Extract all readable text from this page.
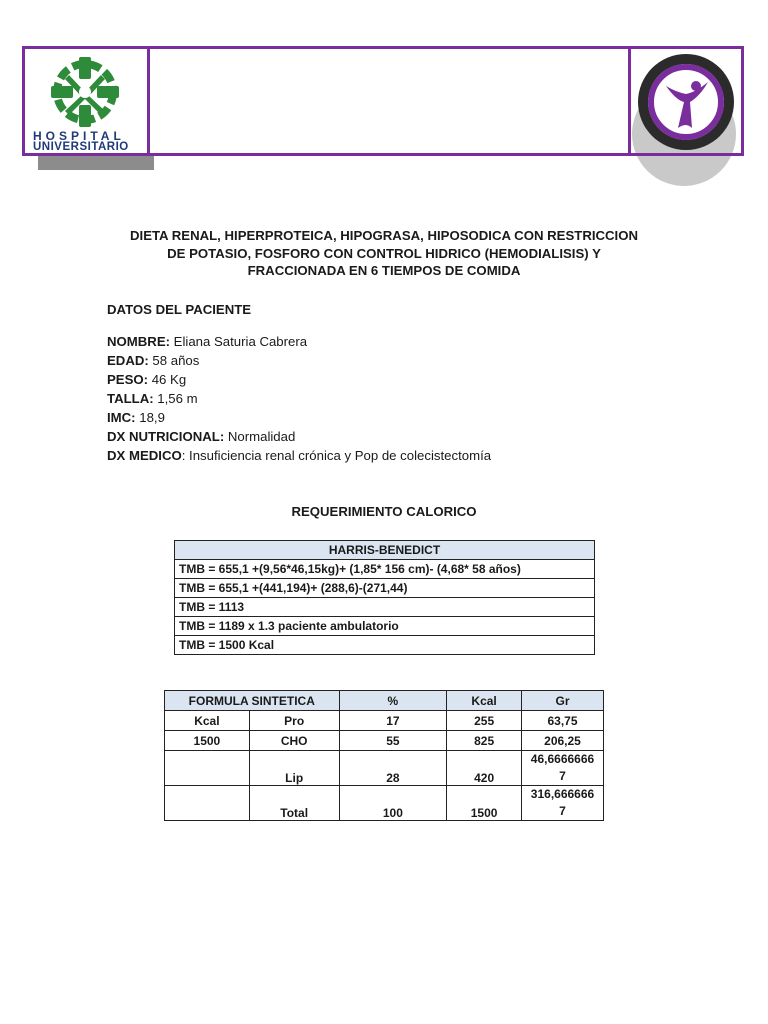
HOSPITAL
UNIVERSITARIO
DIETA RENAL, HIPERPROTEICA, HIPOGRASA, HIPOSODICA CON RESTRICCION
DE POTASIO, FOSFORO CON CONTROL HIDRICO (HEMODIALISIS) Y
FRACCIONADA EN 6 TIEMPOS DE COMIDA
DATOS DEL PACIENTE
NOMBRE: Eliana Saturia Cabrera
EDAD: 58 años
PESO: 46 Kg
TALLA: 1,56 m
IMC: 18,9
DX NUTRICIONAL: Normalidad
DX MEDICO: Insuficiencia renal crónica y Pop de colecistectomía
REQUERIMIENTO CALORICO
HARRIS-BENEDICT
TMB = 655,1 +(9,56*46,15kg)+ (1,85* 156 cm)- (4,68* 58 años)
TMB = 655,1 +(441,194)+ (288,6)-(271,44)
TMB = 1113
TMB = 1189 x 1.3 paciente ambulatorio
TMB = 1500 Kcal
FORMULA SINTETICA		%	Kcal	Gr
Kcal	Pro	17	255	63,75
1500	CHO	55	825	206,25
	Lip	28	420	46,6666666
7

	Total	100	1500	316,666666
7
